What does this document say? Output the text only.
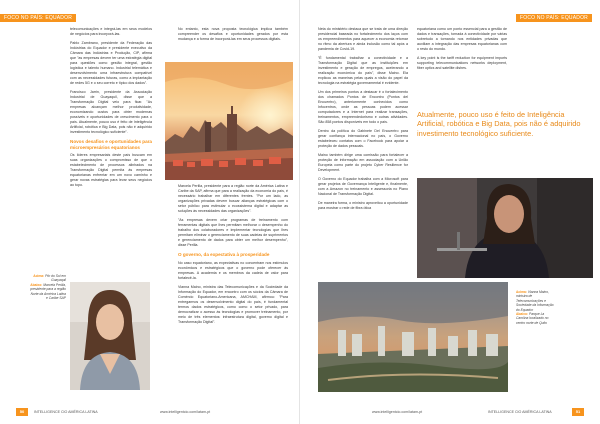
FOCO NO PAÍS: EQUADOR

telecomunicações e integrá-las em seus modelos de negócios para incorporá-las.

Pablo Zambrano, presidente da Federação das Indústrias do Equador e presidente executivo da Câmara das Indústrias e Produção, CIP, afirma que "as empresas devem ter uma estratégia digital para questões como gestão integral, gestão logística e talento humano. Industrial telemática e desenvolvimento uma infraestrutura compatível com as necessidades futuras, como a implantação de redes 5G e o seu correto e típico dos dados".

Francisco Jarrin, presidente da Associação Industrial de Guayaquil, disse que a Transformação Digital veio para ficar. "As empresas alcançam melhor produtividade, economizando custos para obter modernas possíveis e oportunidades de crescimento para o país. Atualmente, pouco uso é feito de Inteligência Artificial, robótica e Big Data, pois não é adquirido investimento tecnológico suficiente".

Novos desafios e oportunidades para microempresários equatorianos

Os líderes empresariais deste país buscam em suas organizações o compromisso de que o estabelecimento de processos alinhados na Transformação Digital permita às empresas equatorianas enfrentar em um novo caminho e gerar novas estratégias para levar seus negócios ao topo.

No entanto, esta nova proposta tecnológica implica também compreender os desafios e oportunidades gerados por esta mudança e a forma de incorporá-las em seus processos digitais.

Marcela Perilla, presidente para a região norte da América Latina e Caribe da SAP, afirma que para a realização da economia do país, é necessário trabalhar em diferentes frentes. "Por um lado, as organizações privadas devem buscar alianças estratégicas com o setor público para estimular o ecossistema digital e adaptar as soluções às necessidades das organizações".

"As empresas devem criar programas de treinamento com ferramentas digitais que lhes permitam melhorar o desempenho do trabalho dos colaboradores e implementar tecnologias que lhes permitam eliminar o gerenciamento de suas cadeias de suprimentos e gerenciamento de dados para obter um melhor desempenho", disse Perilla.

O governo, da expectativa à prosperidade

No caso equatoriano, as expectativas no concentram nos estímulos econômicos e estratégicos que o governo pode oferecer às empresas. A academia e os membros da cadeia de valor para fortalecê-la.

Vianna Maino, ministra das Telecomunicações e da Sociedade da Informação do Equador, em encontro com os sócios da Câmara de Comércio Equatoriano-Americana, AMCHAM, afirmou: "Para entregarmos os desenvolvimento digital do país, é fundamental termos dados estratégicos, como como o setor privado, para democratizar o acesso às tecnologias e promover treinamento, por meio de três elementos: infraestrutura digital, governo digital e Transformação Digital".

Acima: Pôr do Sol em Guayaquil
Abaixo: Marcela Perilla,
presidente para a região
Norte da América Latina
e Caribe SAP
50	INTELLIGENCE CIO AMÉRICA LATINA	www.intelligentcio.com/latam-pt
FOCO NO PAÍS: EQUADOR

Neta do ministério destaca que se trata de uma direção presidencial baseada no fortalecimento dos laços com os empreendimentos para aquecer a economia retomar no ritmo da abertura e ainda inclusão como tal após a pandemia de Covid-19.

"É fundamental trabalhar a conectividade e a Transformação Digital que as instituições em investimento e geração de empregos, acelerando a realização económica do país", disse Maino. Ela explicou as maneiras pelas quais a visão do papel da tecnologia na estratégia governamental é evidente.

Um dos primeiros pontos a destacar é o fortalecimento dos chamados Pontos de Encontro (Pontos del Encuentro), anteriormente conhecidos como Infocentros, onde as pessoas podem acessar computadores e a Internet para realizar transações, treinamentos, empreendedorismo e outras atividades. São 858 pontos disponíveis em todo o país.

Dentro da política do Gabinete Del Encuentro para gerar confiança internacional no país, o Governo estabeleceu contatos com o Facebook para apoiar a proteção de dados pessoais.

Maino também dirige uma comissão para fortalecer a proteção de informação em associação com a União Europeia como parte do projeto Cyber Resilience for Development.

O Governo do Equador trabalha com a Microsoft para gerar projetos de Governança Inteligente e, finalmente, com a Amazon no treinamento e assessoria no Plano Nacional de Transformação Digital.

De maneira forma, o ministro aproveitou a oportunidade para mostrar o rede de fibra ótica

equatoriana como um ponto essencial para a gestão de dados e transações, tornada à conectividade por várias sobretudo a tornando nos entidades privadas que auxiliam a integração das empresas equatorianas com o resto do mundo.

A key point is the tariff reduction for equipment imports supporting telecommunications networks deployment, fiber optics and satellite dishes.

Atualmente, pouco uso é feito de Inteligência Artificial, robótica e Big Data, pois não é adquirido investimento tecnológico suficiente.
Acima: Vianna Maino,
ministra de
Telecomunicações e
Sociedade da Informação
do Equador
Abaixo: Parque La
Carolina localizado no
centro norte de Quito
www.intelligentcio.com/latam-pt	INTELLIGENCE CIO AMÉRICA LATINA	51
